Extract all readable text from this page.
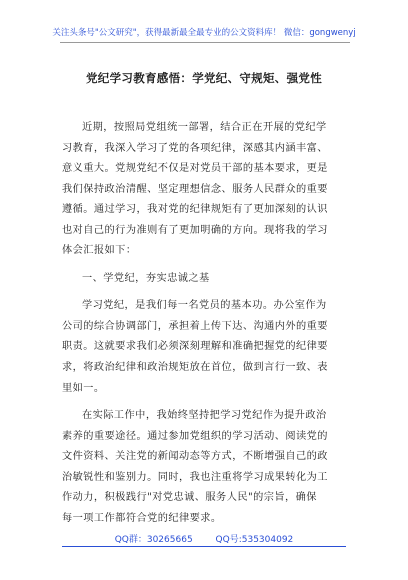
关注头条号"公文研究"，获得最新最全最专业的公文资料库！ 微信：gongwenyj
党纪学习教育感悟：学党纪、守规矩、强党性
近期，按照局党组统一部署，结合正在开展的党纪学
习教育，我深入学习了党的各项纪律，深感其内涵丰富、
意义重大。党规党纪不仅是对党员干部的基本要求，更是
我们保持政治清醒、坚定理想信念、服务人民群众的重要
遵循。通过学习，我对党的纪律规矩有了更加深刻的认识
也对自己的行为准则有了更加明确的方向。现将我的学习
体会汇报如下：
一、学党纪，夯实忠诚之基
学习党纪，是我们每一名党员的基本功。办公室作为
公司的综合协调部门，承担着上传下达、沟通内外的重要
职责。这就要求我们必须深刻理解和准确把握党的纪律要
求，将政治纪律和政治规矩放在首位，做到言行一致、表
里如一。
在实际工作中，我始终坚持把学习党纪作为提升政治
素养的重要途径。通过参加党组织的学习活动、阅读党的
文件资料、关注党的新闻动态等方式，不断增强自己的政
治敏锐性和鉴别力。同时，我也注重将学习成果转化为工
作动力，积极践行"对党忠诚、服务人民"的宗旨，确保
每一项工作都符合党的纪律要求。
QQ群：30265665	QQ号:535304092
